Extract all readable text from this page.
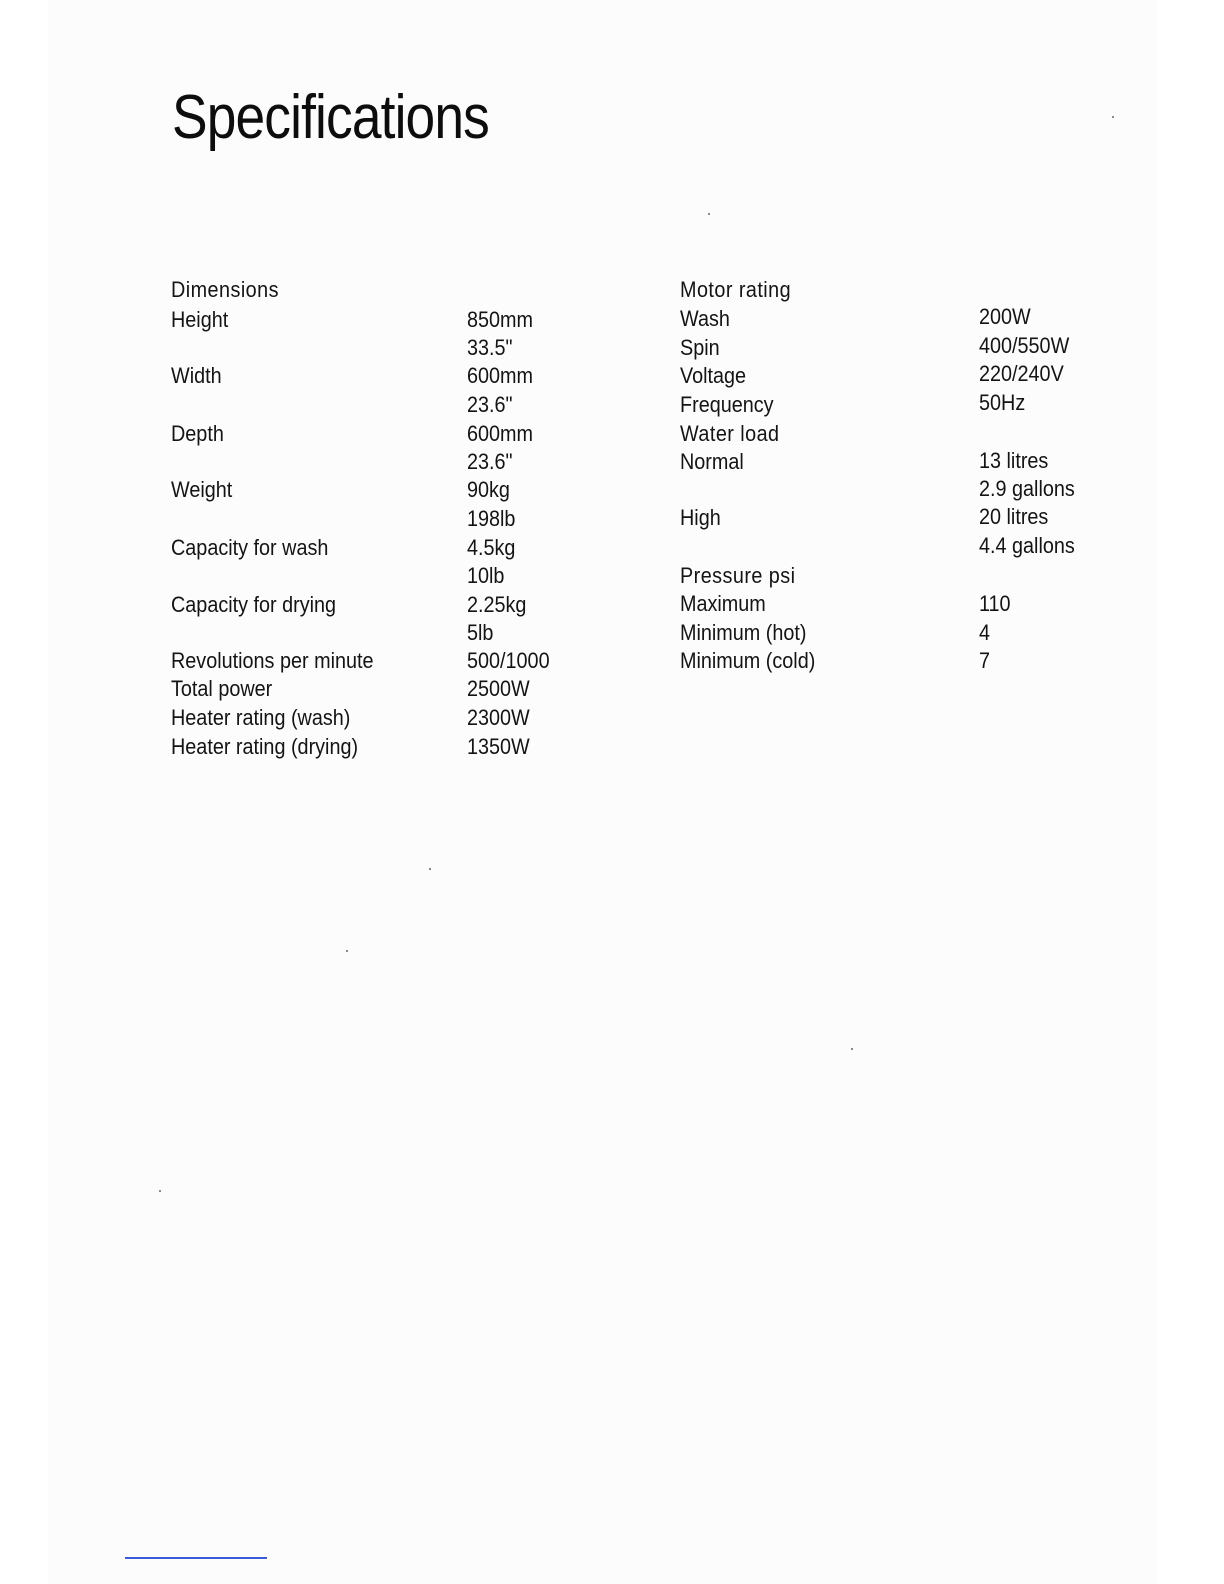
Specifications
Dimensions
Height	850mm
33.5"
Width	600mm
23.6"
Depth	600mm
23.6"
Weight	90kg
198lb
Capacity for wash	4.5kg
10lb
Capacity for drying	2.25kg
5lb
Revolutions per minute	500/1000
Total power	2500W
Heater rating (wash)	2300W
Heater rating (drying)	1350W
Motor rating
Wash	200W
Spin	400/550W
Voltage	220/240V
Frequency	50Hz
Water load
Normal	13 litres
2.9 gallons
High	20 litres
4.4 gallons
Pressure psi
Maximum	110
Minimum (hot)	4
Minimum (cold)	7
